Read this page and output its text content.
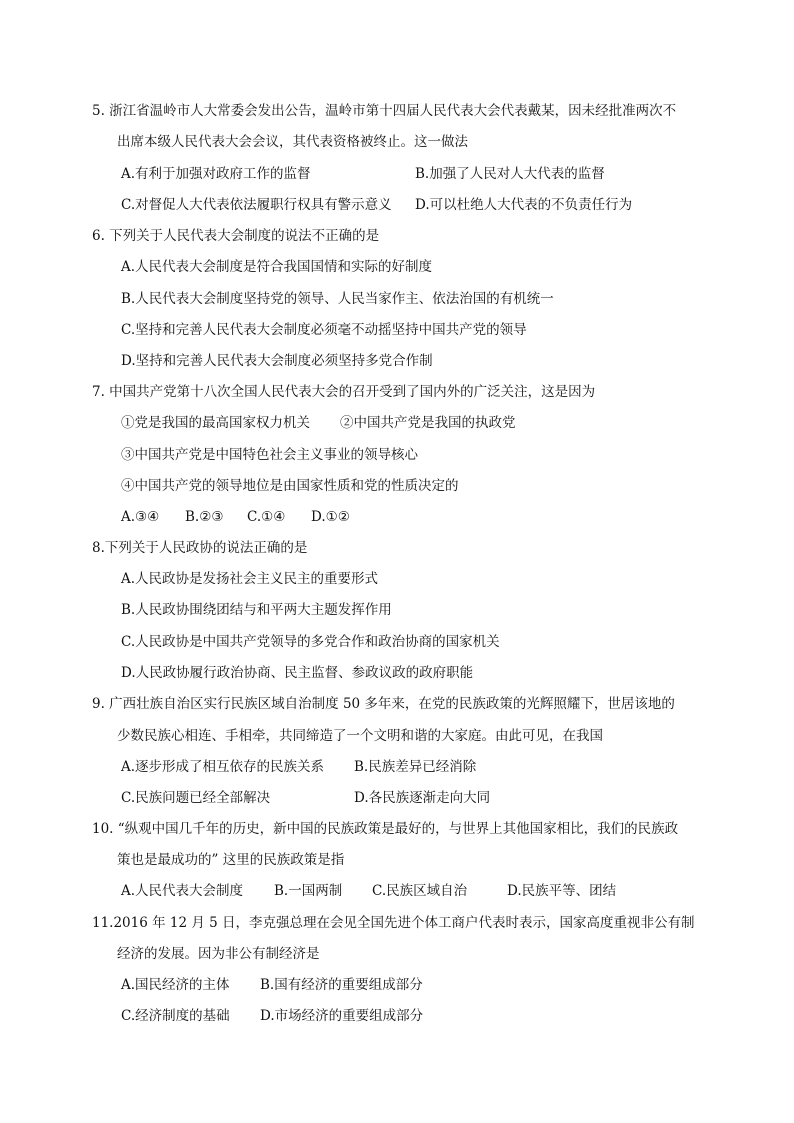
5. 浙江省温岭市人大常委会发出公告，温岭市第十四届人民代表大会代表戴某，因未经批准两次不
出席本级人民代表大会会议，其代表资格被终止。这一做法
A.有利于加强对政府工作的监督	B.加强了人民对人大代表的监督
C.对督促人大代表依法履职行权具有警示意义 D.可以杜绝人大代表的不负责任行为
6. 下列关于人民代表大会制度的说法不正确的是
A.人民代表大会制度是符合我国国情和实际的好制度
B.人民代表大会制度坚持党的领导、人民当家作主、依法治国的有机统一
C.坚持和完善人民代表大会制度必须毫不动摇坚持中国共产党的领导
D.坚持和完善人民代表大会制度必须坚持多党合作制
7. 中国共产党第十八次全国人民代表大会的召开受到了国内外的广泛关注，这是因为
①党是我国的最高国家权力机关 ②中国共产党是我国的执政党
③中国共产党是中国特色社会主义事业的领导核心
④中国共产党的领导地位是由国家性质和党的性质决定的
A.③④ B.②③ C.①④ D.①②
8.下列关于人民政协的说法正确的是
A.人民政协是发扬社会主义民主的重要形式
B.人民政协围绕团结与和平两大主题发挥作用
C.人民政协是中国共产党领导的多党合作和政治协商的国家机关
D.人民政协履行政治协商、民主监督、参政议政的政府职能
9. 广西壮族自治区实行民族区域自治制度 50 多年来，在党的民族政策的光辉照耀下，世居该地的
少数民族心相连、手相牵，共同缔造了一个文明和谐的大家庭。由此可见，在我国
A.逐步形成了相互依存的民族关系 B.民族差异已经消除
C.民族问题已经全部解决	D.各民族逐渐走向大同
10. “纵观中国几千年的历史，新中国的民族政策是最好的，与世界上其他国家相比，我们的民族政
策也是最成功的” 这里的民族政策是指
A.人民代表大会制度 B.一国两制 C.民族区域自治	D.民族平等、团结
11.2016 年 12 月 5 日，李克强总理在会见全国先进个体工商户代表时表示，国家高度重视非公有制
经济的发展。因为非公有制经济是
A.国民经济的主体 B.国有经济的重要组成部分
C.经济制度的基础 D.市场经济的重要组成部分
